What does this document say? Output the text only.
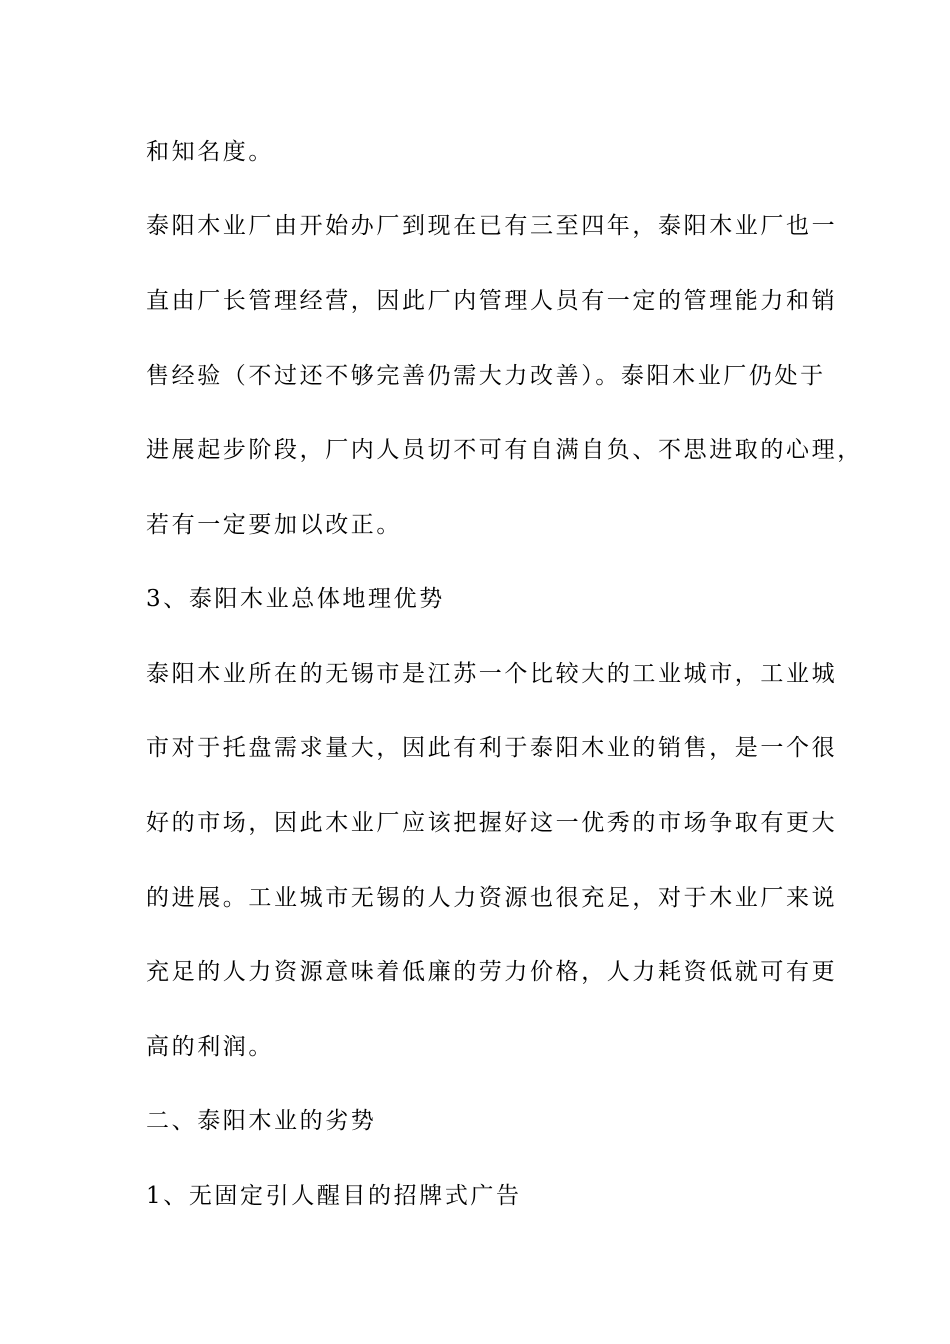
和知名度。
泰阳木业厂由开始办厂到现在已有三至四年，泰阳木业厂也一
直由厂长管理经营，因此厂内管理人员有一定的管理能力和销
售经验（不过还不够完善仍需大力改善）。泰阳木业厂仍处于
进展起步阶段，厂内人员切不可有自满自负、不思进取的心理，
若有一定要加以改正。
3、泰阳木业总体地理优势
泰阳木业所在的无锡市是江苏一个比较大的工业城市，工业城
市对于托盘需求量大，因此有利于泰阳木业的销售，是一个很
好的市场，因此木业厂应该把握好这一优秀的市场争取有更大
的进展。工业城市无锡的人力资源也很充足，对于木业厂来说
充足的人力资源意味着低廉的劳力价格，人力耗资低就可有更
高的利润。
二、泰阳木业的劣势
1、无固定引人醒目的招牌式广告
